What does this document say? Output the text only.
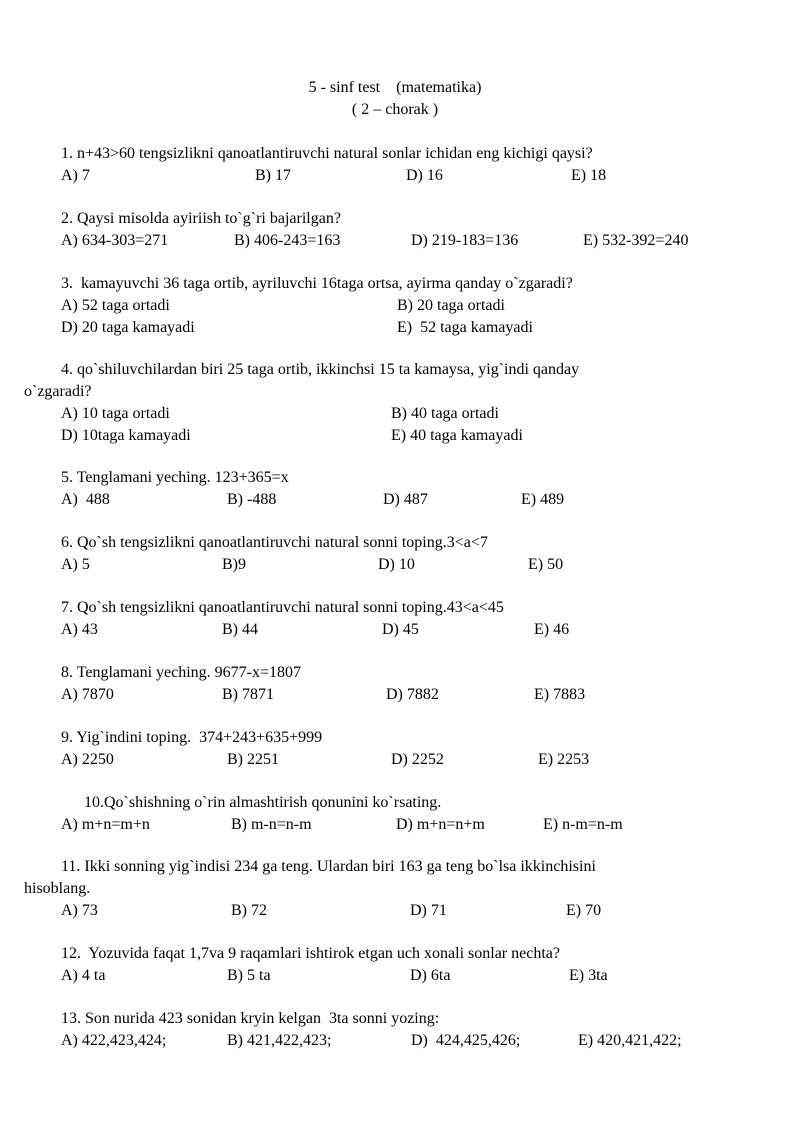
5 - sinf test    (matematika)
( 2 – chorak )
1. n+43>60 tengsizlikni qanoatlantiruvchi natural sonlar ichidan eng kichigi qaysi?
A) 7	B) 17	D) 16	E) 18
2. Qaysi misolda ayiriish to`g`ri bajarilgan?
A) 634-303=271	B) 406-243=163	D) 219-183=136	E) 532-392=240
3.  kamayuvchi 36 taga ortib, ayriluvchi 16taga ortsa, ayirma qanday o`zgaradi?
A) 52 taga ortadi	B) 20 taga ortadi
D) 20 taga kamayadi	E)  52 taga kamayadi
4. qo`shiluvchilardan biri 25 taga ortib, ikkinchsi 15 ta kamaysa, yig`indi qanday
o`zgaradi?
A) 10 taga ortadi	B) 40 taga ortadi
D) 10taga kamayadi	E) 40 taga kamayadi
5. Tenglamani yeching. 123+365=x
A)  488	B) -488	D) 487	E) 489
6. Qo`sh tengsizlikni qanoatlantiruvchi natural sonni toping.3<a<7
A) 5	B)9	D) 10	E) 50
7. Qo`sh tengsizlikni qanoatlantiruvchi natural sonni toping.43<a<45
A) 43	B) 44	D) 45	E) 46
8. Tenglamani yeching. 9677-x=1807
A) 7870	B) 7871	D) 7882	E) 7883
9. Yig`indini toping.  374+243+635+999
A) 2250	B) 2251	D) 2252	E) 2253
10.Qo`shishning o`rin almashtirish qonunini ko`rsating.
A) m+n=m+n	B) m-n=n-m	D) m+n=n+m	E) n-m=n-m
11. Ikki sonning yig`indisi 234 ga teng. Ulardan biri 163 ga teng bo`lsa ikkinchisini
hisoblang.
A) 73	B) 72	D) 71	E) 70
12.  Yozuvida faqat 1,7va 9 raqamlari ishtirok etgan uch xonali sonlar nechta?
A) 4 ta	B) 5 ta	D) 6ta	E) 3ta
13. Son nurida 423 sonidan kryin kelgan  3ta sonni yozing:
A) 422,423,424;	B) 421,422,423;	D)  424,425,426;	E) 420,421,422;
